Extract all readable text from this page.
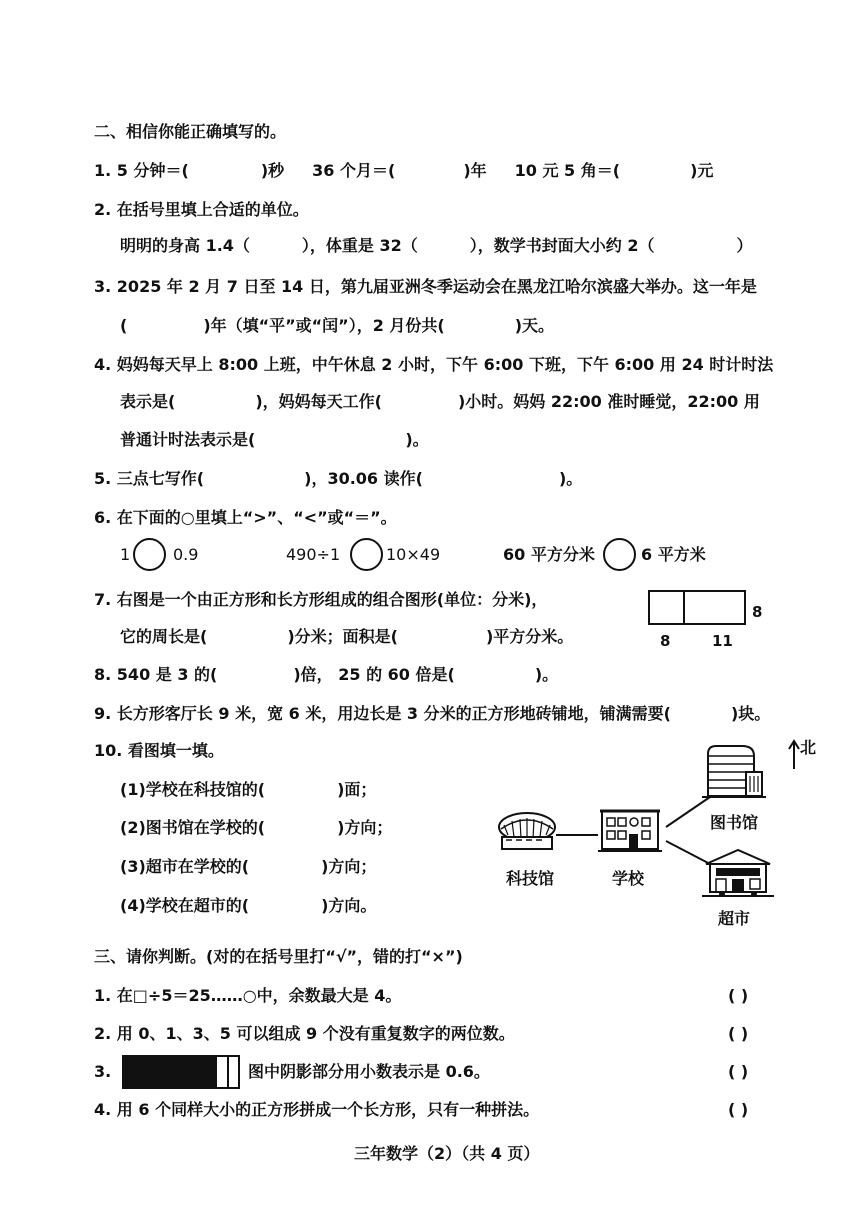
二、相信你能正确填写的。
1. 5 分钟＝(	)秒 36 个月＝(	)年 10 元 5 角＝(	)元
2. 在括号里填上合适的单位。
明明的身高 1.4（	），体重是 32（	），数学书封面大小约 2（	）
3. 2025 年 2 月 7 日至 14 日，第九届亚洲冬季运动会在黑龙江哈尔滨盛大举办。这一年是
(	)年（填“平”或“闰”），2 月份共(	)天。
4. 妈妈每天早上 8:00 上班，中午休息 2 小时，下午 6:00 下班，下午 6:00 用 24 时计时法
表示是(	)，妈妈每天工作(	)小时。妈妈 22:00 准时睡觉，22:00 用
普通计时法表示是(	)。
5. 三点七写作(	)，30.06 读作(	)。
6. 在下面的○里填上“>”、“<”或“＝”。
1	0.9	490÷1	10×49	60 平方分米	6 平方米
7. 右图是一个由正方形和长方形组成的组合图形(单位：分米)，
它的周长是(	)分米；面积是(	)平方分米。
8
8	11
8. 540 是 3 的(	)倍， 25 的 60 倍是(	)。
9. 长方形客厅长 9 米，宽 6 米，用边长是 3 分米的正方形地砖铺地，铺满需要(	)块。
10. 看图填一填。
(1)学校在科技馆的(	)面；
(2)图书馆在学校的(	)方向；
(3)超市在学校的(	)方向；
(4)学校在超市的(	)方向。
科技馆	学校
图书馆
超市
北
三、请你判断。(对的在括号里打“√”，错的打“×”)
1. 在□÷5＝25……○中，余数最大是 4。	( )
2. 用 0、1、3、5 可以组成 9 个没有重复数字的两位数。	( )
3.	图中阴影部分用小数表示是 0.6。	( )
4. 用 6 个同样大小的正方形拼成一个长方形，只有一种拼法。	( )
三年数学（2）（共 4 页）
